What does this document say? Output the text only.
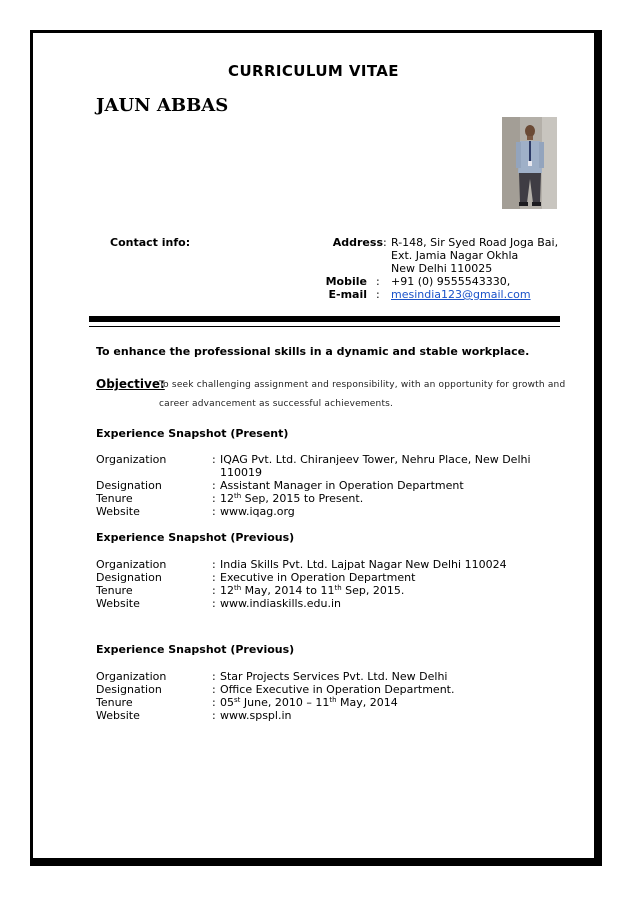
CURRICULUM VITAE
JAUN ABBAS
Contact info:	Address : R-148, Sir Syed Road Joga Bai,
Ext. Jamia Nagar Okhla
New Delhi 110025
Mobile : +91 (0) 9555543330,
E-mail : mesindia123@gmail.com
To enhance the professional skills in a dynamic and stable workplace.
Objective:
To seek challenging assignment and responsibility, with an opportunity for growth and
career advancement as successful achievements.
Experience Snapshot (Present)
Organization	: IQAG Pvt. Ltd. Chiranjeev Tower, Nehru Place, New Delhi
110019
Designation	: Assistant Manager in Operation Department
Tenure	: 12th Sep, 2015 to Present.
Website	: www.iqag.org
Experience Snapshot (Previous)
Organization	: India Skills Pvt. Ltd. Lajpat Nagar New Delhi 110024
Designation	: Executive in Operation Department
Tenure	: 12th May, 2014 to 11th Sep, 2015.
Website	: www.indiaskills.edu.in
Experience Snapshot (Previous)
Organization	: Star Projects Services Pvt. Ltd. New Delhi
Designation	: Office Executive in Operation Department.
Tenure	: 05st June, 2010 – 11th May, 2014
Website	: www.spspl.in
